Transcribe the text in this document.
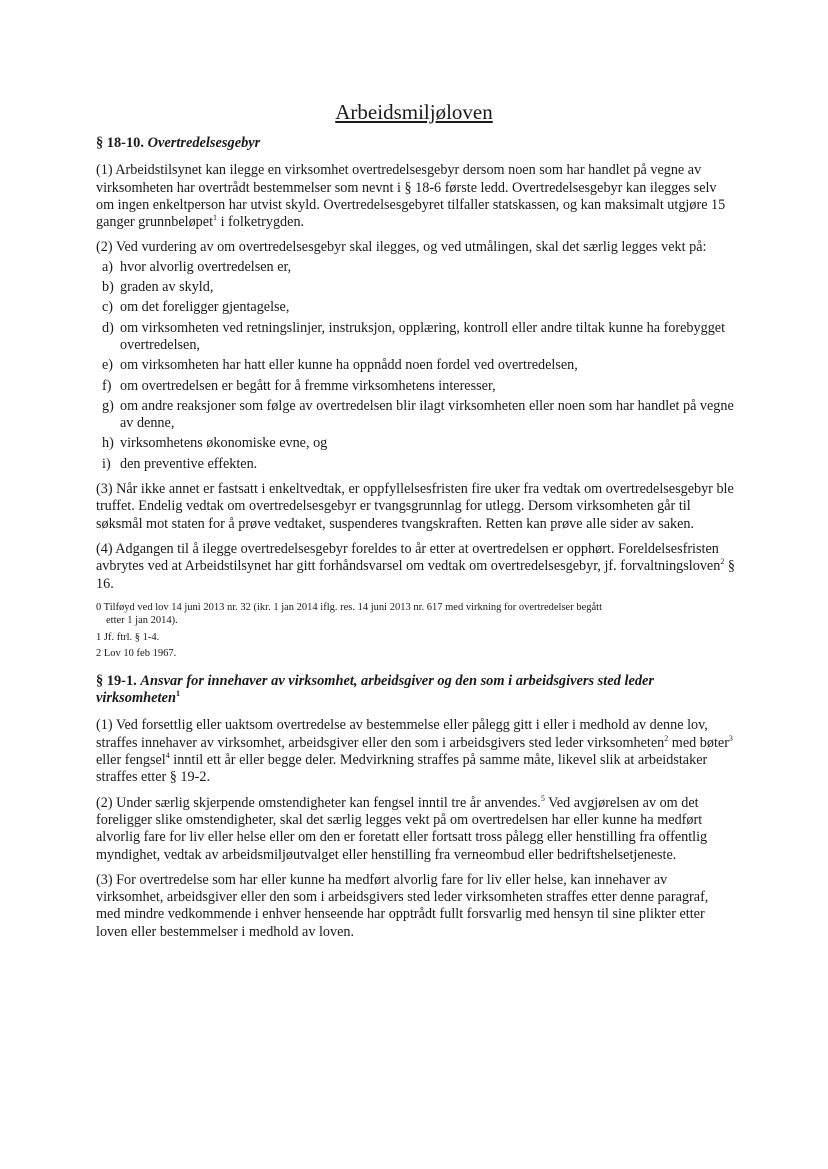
Arbeidsmiljøloven
§ 18-10. Overtredelsesgebyr

(1) Arbeidstilsynet kan ilegge en virksomhet overtredelsesgebyr dersom noen som har handlet på vegne av virksomheten har overtrådt bestemmelser som nevnt i § 18-6 første ledd. Overtredelsesgebyr kan ilegges selv om ingen enkeltperson har utvist skyld. Overtredelsesgebyret tilfaller statskassen, og kan maksimalt utgjøre 15 ganger grunnbeløpet$^1$ i folketrygden.

(2) Ved vurdering av om overtredelsesgebyr skal ilegges, og ved utmålingen, skal det særlig legges vekt på:

a) hvor alvorlig overtredelsen er,
b) graden av skyld,
c) om det foreligger gjentagelse,
d) om virksomheten ved retningslinjer, instruksjon, opplæring, kontroll eller andre tiltak kunne ha forebygget overtredelsen,
e) om virksomheten har hatt eller kunne ha oppnådd noen fordel ved overtredelsen,
f) om overtredelsen er begått for å fremme virksomhetens interesser,
g) om andre reaksjoner som følge av overtredelsen blir ilagt virksomheten eller noen som har handlet på vegne av denne,
h) virksomhetens økonomiske evne, og
i) den preventive effekten.

(3) Når ikke annet er fastsatt i enkeltvedtak, er oppfyllelsesfristen fire uker fra vedtak om overtredelsesgebyr ble truffet. Endelig vedtak om overtredelsesgebyr er tvangsgrunnlag for utlegg. Dersom virksomheten går til søksmål mot staten for å prøve vedtaket, suspenderes tvangskraften. Retten kan prøve alle sider av saken.

(4) Adgangen til å ilegge overtredelsesgebyr foreldes to år etter at overtredelsen er opphørt. Foreldelsesfristen avbrytes ved at Arbeidstilsynet har gitt forhåndsvarsel om vedtak om overtredelsesgebyr, jf. forvaltningsloven$^2$ § 16.

0 Tilføyd ved lov 14 juni 2013 nr. 32 (ikr. 1 jan 2014 iflg. res. 14 juni 2013 nr. 617 med virkning for overtredelser begått
etter 1 jan 2014).
1 Jf. ftrl. § 1-4.
2 Lov 10 feb 1967.
§ 19-1. Ansvar for innehaver av virksomhet, arbeidsgiver og den som i arbeidsgivers sted leder virksomheten$^1$

(1) Ved forsettlig eller uaktsom overtredelse av bestemmelse eller pålegg gitt i eller i medhold av denne lov, straffes innehaver av virksomhet, arbeidsgiver eller den som i arbeidsgivers sted leder virksomheten$^2$ med bøter$^3$ eller fengsel$^4$ inntil ett år eller begge deler. Medvirkning straffes på samme måte, likevel slik at arbeidstaker straffes etter § 19-2.

(2) Under særlig skjerpende omstendigheter kan fengsel inntil tre år anvendes.$^5$ Ved avgjørelsen av om det foreligger slike omstendigheter, skal det særlig legges vekt på om overtredelsen har eller kunne ha medført alvorlig fare for liv eller helse eller om den er foretatt eller fortsatt tross pålegg eller henstilling fra offentlig myndighet, vedtak av arbeidsmiljøutvalget eller henstilling fra verneombud eller bedriftshelsetjeneste.

(3) For overtredelse som har eller kunne ha medført alvorlig fare for liv eller helse, kan innehaver av virksomhet, arbeidsgiver eller den som i arbeidsgivers sted leder virksomheten straffes etter denne paragraf, med mindre vedkommende i enhver henseende har opptrådt fullt forsvarlig med hensyn til sine plikter etter loven eller bestemmelser i medhold av loven.
